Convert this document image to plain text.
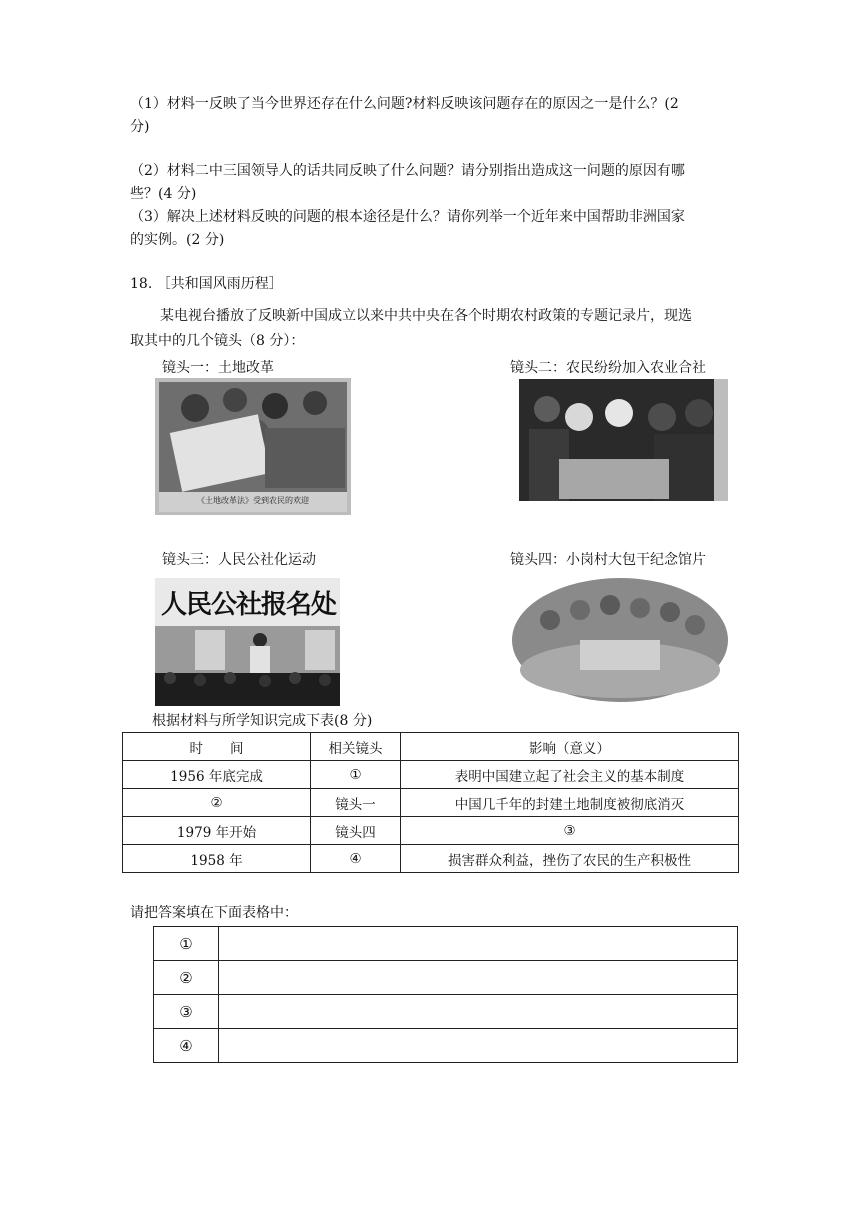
（1）材料一反映了当今世界还存在什么问题?材料反映该问题存在的原因之一是什么？(2
分)
（2）材料二中三国领导人的话共同反映了什么问题？请分别指出造成这一问题的原因有哪
些？(4 分)
（3）解决上述材料反映的问题的根本途径是什么？请你列举一个近年来中国帮助非洲国家
的实例。(2 分)
18. ［共和国风雨历程］
某电视台播放了反映新中国成立以来中共中央在各个时期农村政策的专题记录片，现选
取其中的几个镜头（8 分）：
镜头一：土地改革	镜头二：农民纷纷加入农业合社
《土地改革法》受到农民的欢迎
镜头三：人民公社化运动	镜头四：小岗村大包干纪念馆片
人民公社报名处
根据材料与所学知识完成下表(8 分)
时　　间	相关镜头	影响（意义）
1956 年底完成	①	表明中国建立起了社会主义的基本制度
②	镜头一	中国几千年的封建土地制度被彻底消灭
1979 年开始	镜头四	③
1958 年	④	损害群众利益，挫伤了农民的生产积极性
请把答案填在下面表格中：
①	
②	
③	
④	
